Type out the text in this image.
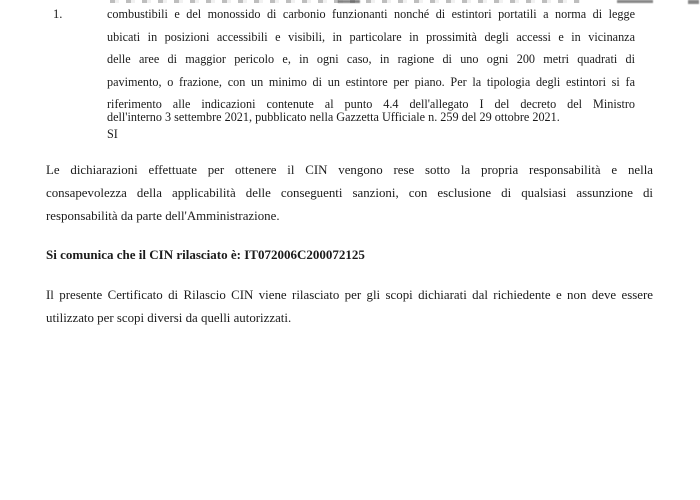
1.	combustibili e del monossido di carbonio funzionanti nonché di estintori portatili a norma di legge
ubicati in posizioni accessibili e visibili, in particolare in prossimità degli accessi e in vicinanza
delle aree di maggior pericolo e, in ogni caso, in ragione di uno ogni 200 metri quadrati di
pavimento, o frazione, con un minimo di un estintore per piano. Per la tipologia degli estintori si fa
riferimento alle indicazioni contenute al punto 4.4 dell'allegato I del decreto del Ministro
dell'interno 3 settembre 2021, pubblicato nella Gazzetta Ufficiale n. 259 del 29 ottobre 2021.
SI
Le dichiarazioni effettuate per ottenere il CIN vengono rese sotto la propria responsabilità e nella
consapevolezza della applicabilità delle conseguenti sanzioni, con esclusione di qualsiasi assunzione di
responsabilità da parte dell'Amministrazione.
Si comunica che il CIN rilasciato è: IT072006C200072125
Il presente Certificato di Rilascio CIN viene rilasciato per gli scopi dichiarati dal richiedente e non deve essere
utilizzato per scopi diversi da quelli autorizzati.
